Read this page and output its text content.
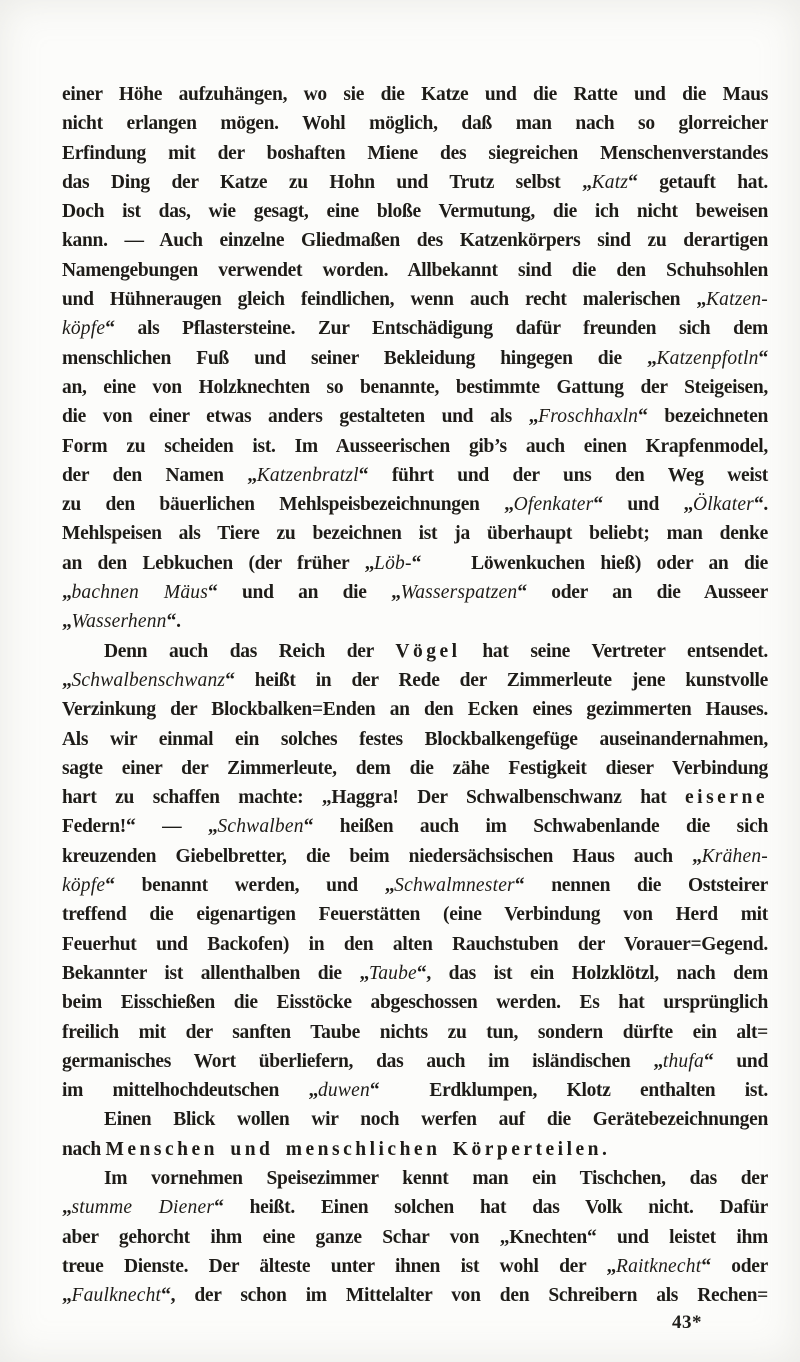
einer Höhe aufzuhängen, wo sie die Katze und die Ratte und die Maus
nicht erlangen mögen. Wohl möglich, daß man nach so glorreicher
Erfindung mit der boshaften Miene des siegreichen Menschenverstandes
das Ding der Katze zu Hohn und Trutz selbst „Katz“ getauft hat.
Doch ist das, wie gesagt, eine bloße Vermutung, die ich nicht beweisen
kann. — Auch einzelne Gliedmaßen des Katzenkörpers sind zu derartigen
Namengebungen verwendet worden. Allbekannt sind die den Schuhsohlen
und Hühneraugen gleich feindlichen, wenn auch recht malerischen „Katzen-
köpfe“ als Pflastersteine. Zur Entschädigung dafür freunden sich dem
menschlichen Fuß und seiner Bekleidung hingegen die „Katzenpfotln“
an, eine von Holzknechten so benannte, bestimmte Gattung der Steigeisen,
die von einer etwas anders gestalteten und als „Froschhaxln“ bezeichneten
Form zu scheiden ist. Im Ausseerischen gib’s auch einen Krapfenmodel,
der den Namen „Katzenbratzl“ führt und der uns den Weg weist
zu den bäuerlichen Mehlspeisbezeichnungen „Ofenkater“ und „Ölkater“.
Mehlspeisen als Tiere zu bezeichnen ist ja überhaupt beliebt; man denke
an den Lebkuchen (der früher „Löb-“	Löwenkuchen hieß) oder an die
„bachnen Mäus“ und an die „Wasserspatzen“ oder an die Ausseer
„Wasserhenn“.
Denn auch das Reich der Vögel hat seine Vertreter entsendet.
„Schwalbenschwanz“ heißt in der Rede der Zimmerleute jene kunstvolle
Verzinkung der Blockbalken=Enden an den Ecken eines gezimmerten Hauses.
Als wir einmal ein solches festes Blockbalkengefüge auseinandernahmen,
sagte einer der Zimmerleute, dem die zähe Festigkeit dieser Verbindung
hart zu schaffen machte: „Haggra! Der Schwalbenschwanz hat eiserne
Federn!“ — „Schwalben“ heißen auch im Schwabenlande die sich
kreuzenden Giebelbretter, die beim niedersächsischen Haus auch „Krähen-
köpfe“ benannt werden, und „Schwalmnester“ nennen die Oststeirer
treffend die eigenartigen Feuerstätten (eine Verbindung von Herd mit
Feuerhut und Backofen) in den alten Rauchstuben der Vorauer=Gegend.
Bekannter ist allenthalben die „Taube“, das ist ein Holzklötzl, nach dem
beim Eisschießen die Eisstöcke abgeschossen werden. Es hat ursprünglich
freilich mit der sanften Taube nichts zu tun, sondern dürfte ein alt=
germanisches Wort überliefern, das auch im isländischen „thufa“ und
im mittelhochdeutschen „duwen“	Erdklumpen, Klotz enthalten ist.
Einen Blick wollen wir noch werfen auf die Gerätebezeichnungen
nach Menschen und menschlichen Körperteilen.
Im vornehmen Speisezimmer kennt man ein Tischchen, das der
„stumme Diener“ heißt. Einen solchen hat das Volk nicht. Dafür
aber gehorcht ihm eine ganze Schar von „Knechten“ und leistet ihm
treue Dienste. Der älteste unter ihnen ist wohl der „Raitknecht“ oder
„Faulknecht“, der schon im Mittelalter von den Schreibern als Rechen=
43*
